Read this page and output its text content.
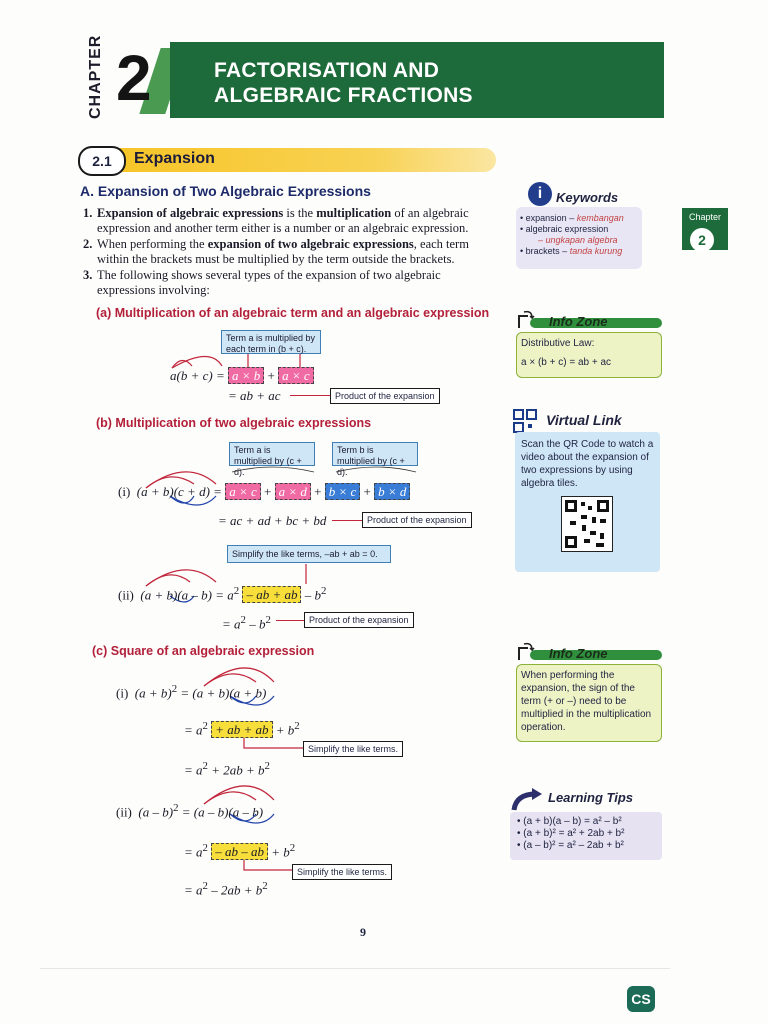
CHAPTER 2	FACTORISATION AND
ALGEBRAIC FRACTIONS
2.1	Expansion
A. Expansion of Two Algebraic Expressions
1. Expansion of algebraic expressions is the multiplication of an algebraic expression and another term either is a number or an algebraic expression.
2. When performing the expansion of two algebraic expressions, each term within the brackets must be multiplied by the term outside the brackets.
3. The following shows several types of the expansion of two algebraic expressions involving:
(a) Multiplication of an algebraic term and an algebraic expression
Term a is multiplied by each term in (b + c).
a(b + c) = a × b + a × c
= ab + ac	Product of the expansion
(b) Multiplication of two algebraic expressions
Term a is multiplied by (c + d).
Term b is multiplied by (c + d).
(i) (a + b)(c + d) = a × c + a × d + b × c + b × d
= ac + ad + bc + bd	Product of the expansion
Simplify the like terms, –ab + ab = 0.
(ii) $(a + b)(a - b) = a^2$ – ab + ab – $b^2$
= $a^2 - b^2$	Product of the expansion
(c) Square of an algebraic expression
(i) $(a + b)^2 = (a + b)(a + b)$
= $a^2$ + ab + ab + $b^2$
Simplify the like terms.
= $a^2 + 2ab + b^2$
(ii) (a – b)$^2$ = (a – b)(a – b)
= $a^2$ – ab – ab + $b^2$
Simplify the like terms.
= $a^2 - 2ab + b^2$
i	Keywords
• expansion – kembangan
• algebraic expression
– ungkapan algebra
• brackets – tanda kurung
Chapter
2
Info Zone
Distributive Law:
a × (b + c) = ab + ac
Virtual Link
Scan the QR Code to watch a video about the expansion of two expressions by using algebra tiles.
Info Zone
When performing the expansion, the sign of the term (+ or –) need to be multiplied in the multiplication operation.
Learning Tips
• (a + b)(a – b) = a² – b²
• (a + b)² = a² + 2ab + b²
• (a – b)² = a² – 2ab + b²
9
CS
